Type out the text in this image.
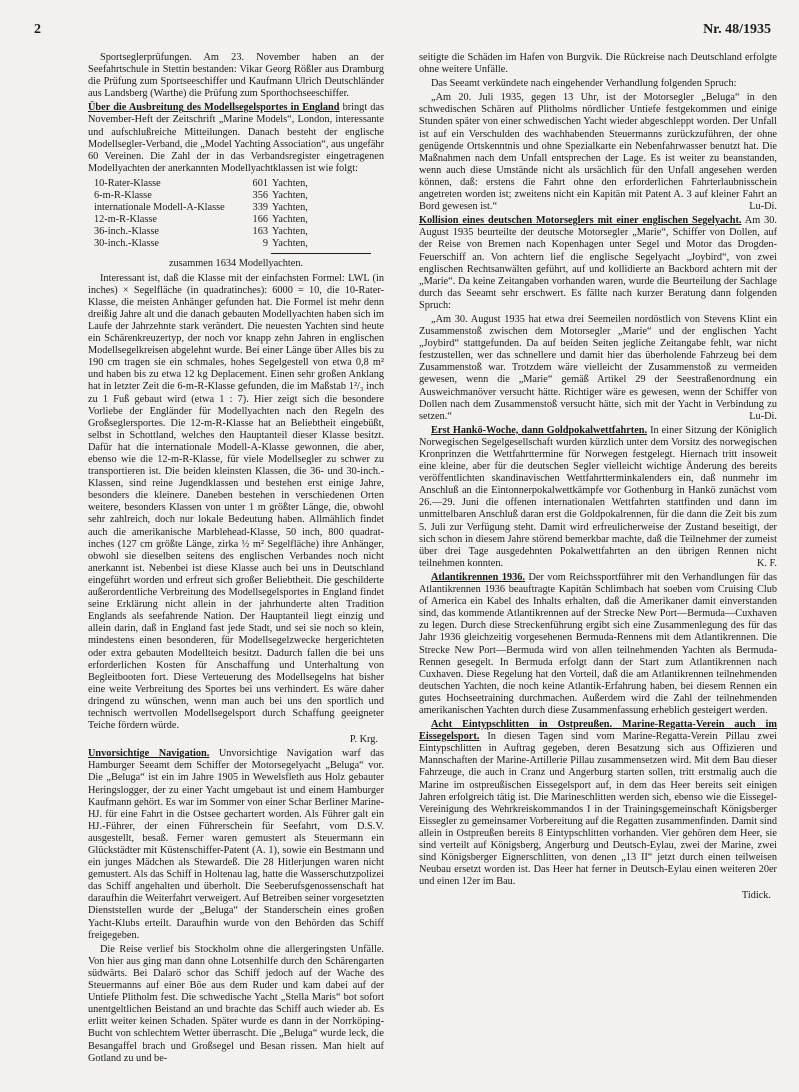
2	Nr. 48/1935

Sportseglerprüfungen. Am 23. November haben an der Seefahrtschule in Stettin bestanden: Vikar Georg Rößler aus Dramburg die Prüfung zum Sportseeschiffer und Kaufmann Ulrich Deutschländer aus Landsberg (Warthe) die Prüfung zum Sporthochseeschiffer.

Über die Ausbreitung des Modellsegelsportes in England bringt das November-Heft der Zeitschrift „Marine Models“, London, interessante und aufschlußreiche Mitteilungen. Danach besteht der englische Modellsegler-Verband, die „Model Yachting Association“, aus ungefähr 60 Vereinen. Die Zahl der in das Verbandsregister eingetragenen Modellyachten der anerkannten Modellyachtklassen ist wie folgt:

10-Rater-Klasse	601	Yachten,
6-m-R-Klasse	356	Yachten,
internationale Modell-A-Klasse	339	Yachten,
12-m-R-Klasse	166	Yachten,
36-inch.-Klasse	163	Yachten,
30-inch.-Klasse	9	Yachten,

zusammen 1634 Modellyachten.

Interessant ist, daß die Klasse mit der einfachsten Formel: LWL (in inches) × Segelfläche (in quadratinches): 6000 = 10, die 10-Rater-Klasse, die meisten Anhänger gefunden hat. Die Formel ist mehr denn dreißig Jahre alt und die danach gebauten Modellyachten haben sich im Laufe der Jahrzehnte stark verändert. Die neuesten Yachten sind heute ein Schärenkreuzertyp, der noch vor knapp zehn Jahren in englischen Modellsegelkreisen abgelehnt wurde. Bei einer Länge über Alles bis zu 190 cm tragen sie ein schmales, hohes Segelgestell von etwa 0,8 m² und haben bis zu etwa 12 kg Deplacement. Einen sehr großen Anklang hat in letzter Zeit die 6-m-R-Klasse gefunden, die im Maßstab 1²/₃ inch zu 1 Fuß gebaut wird (etwa 1 : 7). Hier zeigt sich die besondere Vorliebe der Engländer für Modellyachten nach den Regeln des Großseglersportes. Die 12-m-R-Klasse hat an Beliebtheit eingebüßt, selbst in Schottland, welches den Hauptanteil dieser Klasse besitzt. Dafür hat die internationale Modell-A-Klasse gewonnen, die aber, ebenso wie die 12-m-R-Klasse, für viele Modellsegler zu schwer zu transportieren ist. Die beiden kleinsten Klassen, die 36- und 30-inch.-Klassen, sind reine Jugendklassen und bestehen erst einige Jahre, besonders die kleinere. Daneben bestehen in verschiedenen Orten weitere, besonders Klassen von unter 1 m größter Länge, die, obwohl sehr zahlreich, doch nur lokale Bedeutung haben. Allmählich findet auch die amerikanische Marblehead-Klasse, 50 inch, 800 quadrat-inches (127 cm größte Länge, zirka ½ m² Segelfläche) ihre Anhänger, obwohl sie dieselben seitens des englischen Verbandes noch nicht anerkannt ist. Nebenbei ist diese Klasse auch bei uns in Deutschland eingeführt worden und erfreut sich großer Beliebtheit. Die geschilderte außerordentliche Verbreitung des Modellsegelsportes in England findet seine Erklärung nicht allein in der jahrhunderte alten Tradition Englands als seefahrende Nation. Der Hauptanteil liegt einzig und allein darin, daß in England fast jede Stadt, und sei sie noch so klein, mindestens einen besonderen, für Modellsegelzwecke hergerichteten oder extra gebauten Modellteich besitzt. Dadurch fallen die bei uns erforderlichen Kosten für Anschaffung und Unterhaltung von Begleitbooten fort. Diese Verteuerung des Modellsegelns hat bisher eine weite Verbreitung des Sportes bei uns verhindert. Es wäre daher dringend zu wünschen, wenn man auch bei uns den sportlich und technisch wertvollen Modellsegelsport durch Schaffung geeigneter Teiche fördern würde.

P. Krg.

Unvorsichtige Navigation. Unvorsichtige Navigation warf das Hamburger Seeamt dem Schiffer der Motorsegelyacht „Beluga“ vor. Die „Beluga“ ist ein im Jahre 1905 in Wewelsfleth aus Holz gebauter Heringslogger, der zu einer Yacht umgebaut ist und einem Hamburger Kaufmann gehört. Es war im Sommer von einer Schar Berliner Marine-HJ. für eine Fahrt in die Ostsee gechartert worden. Als Führer galt ein HJ.-Führer, der einen Führerschein für Seefahrt, vom D.S.V. ausgestellt, besaß. Ferner waren gemustert als Steuermann ein Glückstädter mit Küstenschiffer-Patent (A. 1), sowie ein Bestmann und ein junges Mädchen als Stewardeß. Die 28 Hitlerjungen waren nicht gemustert. Als das Schiff in Holtenau lag, hatte die Wasserschutzpolizei das Schiff angehalten und überholt. Die Seeberufsgenossenschaft hat daraufhin die Weiterfahrt verweigert. Auf Betreiben seiner vorgesetzten Dienststellen wurde der „Beluga“ der Standerschein eines großen Yacht-Klubs erteilt. Daraufhin wurde von den Behörden das Schiff freigegeben.

Die Reise verlief bis Stockholm ohne die allergeringsten Unfälle. Von hier aus ging man dann ohne Lotsenhilfe durch den Schärengarten südwärts. Bei Dalarö schor das Schiff jedoch auf der Wache des Steuermanns auf einer Böe aus dem Ruder und kam dabei auf der Untiefe Plitholm fest. Die schwedische Yacht „Stella Maris“ bot sofort unentgeltlichen Beistand an und brachte das Schiff auch wieder ab. Es erlitt weiter keinen Schaden. Später wurde es dann in der Norrköping-Bucht von schlechtem Wetter überrascht. Die „Beluga“ wurde leck, die Besangaffel brach und Großsegel und Besan rissen. Man hielt auf Gotland zu und be-

seitigte die Schäden im Hafen von Burgvik. Die Rückreise nach Deutschland erfolgte ohne weitere Unfälle.

Das Seeamt verkündete nach eingehender Verhandlung folgenden Spruch:

„Am 20. Juli 1935, gegen 13 Uhr, ist der Motorsegler „Beluga“ in den schwedischen Schären auf Plitholms nördlicher Untiefe festgekommen und einige Stunden später von einer schwedischen Yacht wieder abgeschleppt worden. Der Unfall ist auf ein Verschulden des wachhabenden Steuermanns zurückzuführen, der ohne genügende Ortskenntnis und ohne Spezialkarte ein Nebenfahrwasser benutzt hat. Die Maßnahmen nach dem Unfall entsprechen der Lage. Es ist weiter zu beanstanden, wenn auch diese Umstände nicht als ursächlich für den Unfall angesehen werden können, daß: erstens die Fahrt ohne den erforderlichen Fahrterlaubnisschein angetreten worden ist; zweitens nicht ein Kapitän mit Patent A. 3 auf kleiner Fahrt an Bord gewesen ist.“	Lu-Di.

Kollision eines deutschen Motorseglers mit einer englischen Segelyacht. Am 30. August 1935 beurteilte der deutsche Motorsegler „Marie“, Schiffer von Dollen, auf der Reise von Bremen nach Kopenhagen unter Segel und Motor das Drogden-Feuerschiff an. Von achtern lief die englische Segelyacht „Joybird“, von zwei englischen Rechtsanwälten geführt, auf und kollidierte an Backbord achtern mit der „Marie“. Da keine Zeitangaben vorhanden waren, wurde die Beurteilung der Sachlage durch das Seeamt sehr erschwert. Es fällte nach kurzer Beratung dann folgenden Spruch:

„Am 30. August 1935 hat etwa drei Seemeilen nordöstlich von Stevens Klint ein Zusammenstoß zwischen dem Motorsegler „Marie“ und der englischen Yacht „Joybird“ stattgefunden. Da auf beiden Seiten jegliche Zeitangabe fehlt, war nicht festzustellen, wer das schnellere und damit hier das überholende Fahrzeug bei dem Zusammenstoß war. Trotzdem wäre vielleicht der Zusammenstoß zu vermeiden gewesen, wenn die „Marie“ gemäß Artikel 29 der Seestraßenordnung ein Ausweichmanöver versucht hätte. Richtiger wäre es gewesen, wenn der Schiffer von Dollen nach dem Zusammenstoß versucht hätte, sich mit der Yacht in Verbindung zu setzen.“	Lu-Di.

Erst Hankö-Woche, dann Goldpokalwettfahrten. In einer Sitzung der Königlich Norwegischen Segelgesellschaft wurden kürzlich unter dem Vorsitz des norwegischen Kronprinzen die Wettfahrttermine für Norwegen festgelegt. Hiernach tritt insoweit eine kleine, aber für die deutschen Segler vielleicht wichtige Änderung des bereits veröffentlichten skandinavischen Wettfahrtterminkalenders ein, daß nunmehr im Anschluß an die Eintonnerpokalwettkämpfe vor Gothenburg in Hankö zunächst vom 26.—29. Juni die offenen internationalen Wettfahrten stattfinden und dann im unmittelbaren Anschluß daran erst die Goldpokalrennen, für die dann die Zeit bis zum 5. Juli zur Verfügung steht. Damit wird erfreulicherweise der Zustand beseitigt, der sich schon in diesem Jahre störend bemerkbar machte, daß die Teilnehmer der zumeist über drei Tage ausgedehnten Pokalwettfahrten an den übrigen Rennen nicht teilnehmen konnten.	K. F.

Atlantikrennen 1936. Der vom Reichssportführer mit den Verhandlungen für das Atlantikrennen 1936 beauftragte Kapitän Schlimbach hat soeben vom Cruising Club of America ein Kabel des Inhalts erhalten, daß die Amerikaner damit einverstanden sind, das kommende Atlantikrennen auf der Strecke New Port—Bermuda—Cuxhaven zu legen. Durch diese Streckenführung ergibt sich eine Zusammenlegung des für das Jahr 1936 gleichzeitig vorgesehenen Bermuda-Rennens mit dem Atlantikrennen. Die Strecke New Port—Bermuda wird von allen teilnehmenden Yachten als Bermuda-Rennen gesegelt. In Bermuda erfolgt dann der Start zum Atlantikrennen nach Cuxhaven. Diese Regelung hat den Vorteil, daß die am Atlantikrennen teilnehmenden deutschen Yachten, die noch keine Atlantik-Erfahrung haben, bei diesem Rennen ein gutes Hochseetraining durchmachen. Außerdem wird die Zahl der teilnehmenden amerikanischen Yachten durch diese Zusammenfassung erheblich gesteigert werden.

Acht Eintypschlitten in Ostpreußen. Marine-Regatta-Verein auch im Eissegelsport. In diesen Tagen sind vom Marine-Regatta-Verein Pillau zwei Eintypschlitten in Auftrag gegeben, deren Besatzung sich aus Offizieren und Mannschaften der Marine-Artillerie Pillau zusammensetzen wird. Mit dem Bau dieser Fahrzeuge, die auch in Cranz und Angerburg starten sollen, tritt erstmalig auch die Marine im ostpreußischen Eissegelsport auf, in dem das Heer bereits seit einigen Jahren erfolgreich tätig ist. Die Marineschlitten werden sich, ebenso wie die Eissegel-Vereinigung des Wehrkreiskommandos I in der Trainingsgemeinschaft Königsberger Eissegler zu gemeinsamer Vorbereitung auf die Regatten zusammenfinden. Damit sind allein in Ostpreußen bereits 8 Eintypschlitten vorhanden. Vier gehören dem Heer, sie sind verteilt auf Königsberg, Angerburg und Deutsch-Eylau, zwei der Marine, zwei sind Königsberger Eignerschlitten, von denen „13 II“ jetzt durch einen teilweisen Neubau ersetzt worden ist. Das Heer hat ferner in Deutsch-Eylau einen weiteren 20er und einen 12er im Bau.

Tidick.
